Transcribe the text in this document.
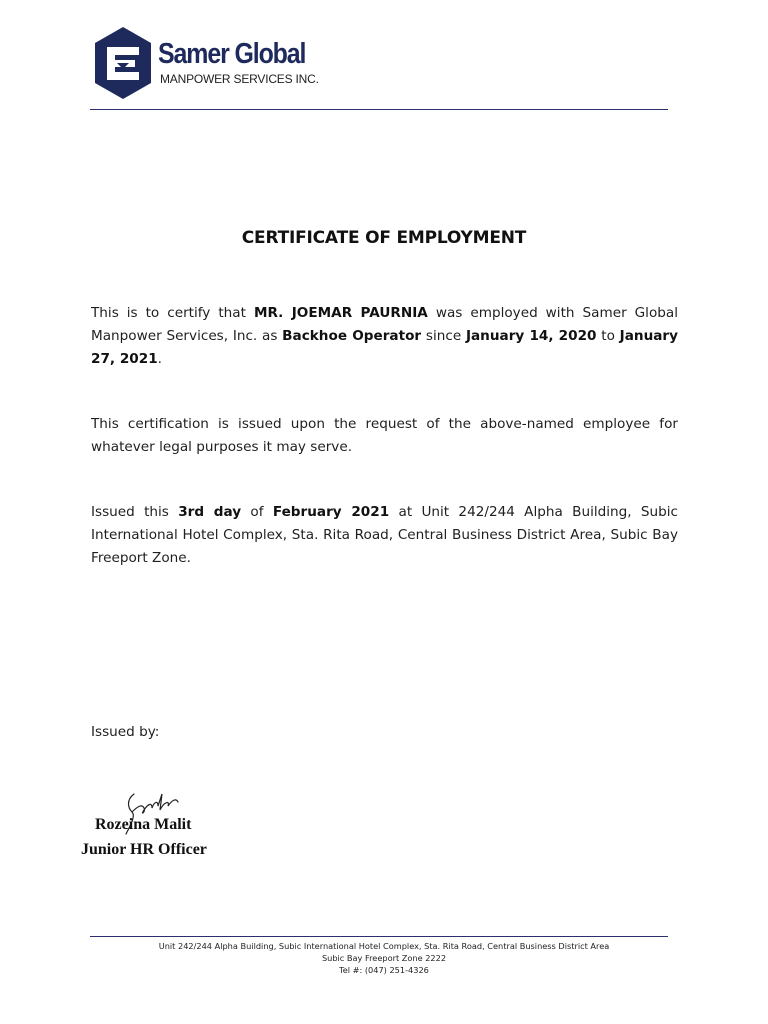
Samer Global
MANPOWER SERVICES INC.
CERTIFICATE OF EMPLOYMENT
This is to certify that MR. JOEMAR PAURNIA was employed with Samer Global Manpower Services, Inc. as Backhoe Operator since January 14, 2020 to January 27, 2021.
This certification is issued upon the request of the above-named employee for whatever legal purposes it may serve.
Issued this 3rd day of February 2021 at Unit 242/244 Alpha Building, Subic International Hotel Complex, Sta. Rita Road, Central Business District Area, Subic Bay Freeport Zone.
Issued by:
Rozeina Malit
Junior HR Officer
Unit 242/244 Alpha Building, Subic International Hotel Complex, Sta. Rita Road, Central Business District Area
Subic Bay Freeport Zone 2222
Tel #: (047) 251-4326
